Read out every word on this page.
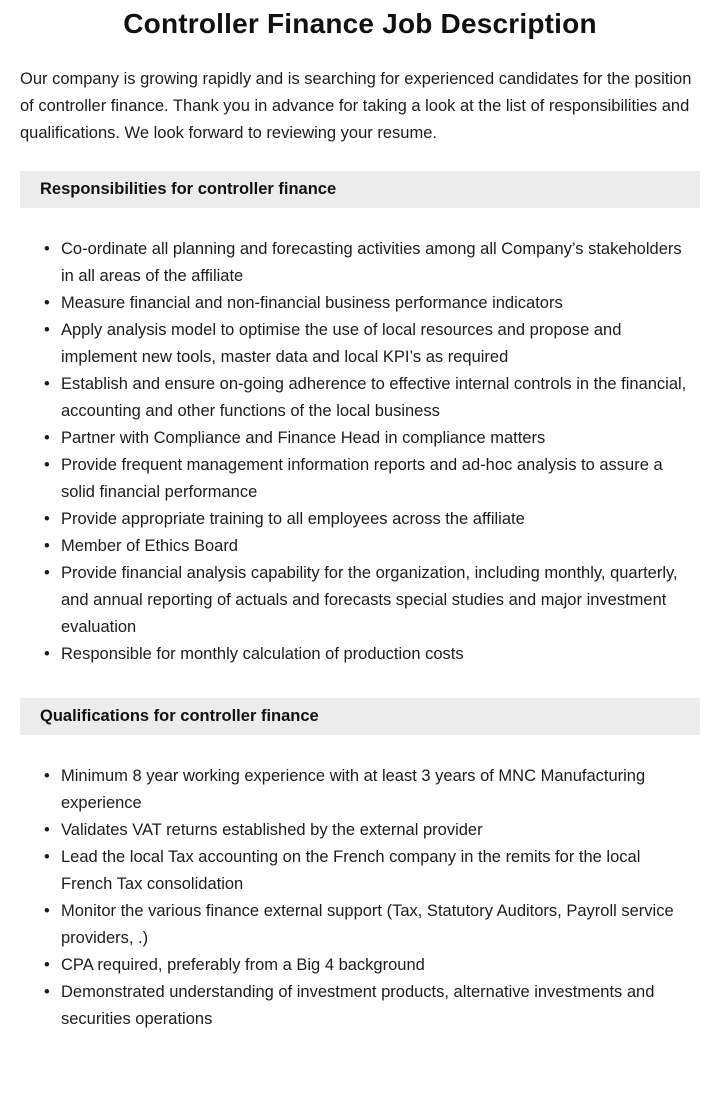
Controller Finance Job Description

Our company is growing rapidly and is searching for experienced candidates for the position of controller finance. Thank you in advance for taking a look at the list of responsibilities and qualifications. We look forward to reviewing your resume.

Responsibilities for controller finance
• Co-ordinate all planning and forecasting activities among all Company’s stakeholders in all areas of the affiliate
• Measure financial and non-financial business performance indicators
• Apply analysis model to optimise the use of local resources and propose and implement new tools, master data and local KPI’s as required
• Establish and ensure on-going adherence to effective internal controls in the financial, accounting and other functions of the local business
• Partner with Compliance and Finance Head in compliance matters
• Provide frequent management information reports and ad-hoc analysis to assure a solid financial performance
• Provide appropriate training to all employees across the affiliate
• Member of Ethics Board
• Provide financial analysis capability for the organization, including monthly, quarterly, and annual reporting of actuals and forecasts special studies and major investment evaluation
• Responsible for monthly calculation of production costs
Qualifications for controller finance
• Minimum 8 year working experience with at least 3 years of MNC Manufacturing experience
• Validates VAT returns established by the external provider
• Lead the local Tax accounting on the French company in the remits for the local French Tax consolidation
• Monitor the various finance external support (Tax, Statutory Auditors, Payroll service providers, .)
• CPA required, preferably from a Big 4 background
• Demonstrated understanding of investment products, alternative investments and securities operations
